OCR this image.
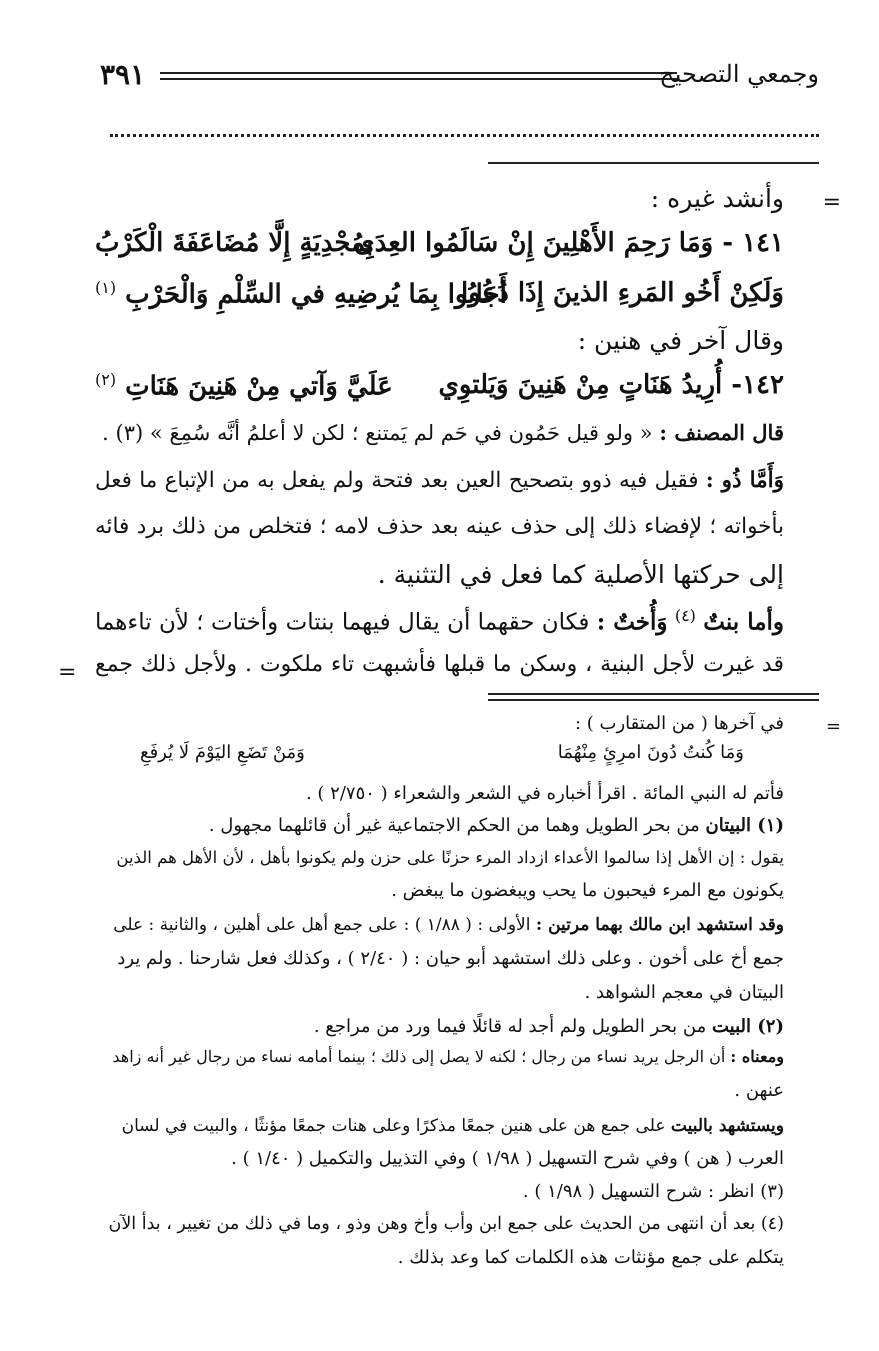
٣٩١	وجمعي التصحيح
=
وأنشد غيره :
١٤١ - وَمَا رَحِمَ الأَهْلِينَ إِنْ سَالَمُوا العِدَى
بِمُجْدِيَةٍ إِلَّا مُضَاعَفَةَ الْكَرْبُ
وَلَكِنْ أَخُو المَرءِ الذينَ إِذَا دُعُوا
أَجَابُوا بِمَا يُرضِيهِ في السِّلْمِ وَالْحَرْبِ $^{(١)}$
وقال آخر في هنين :
١٤٢- أُرِيدُ هَنَاتٍ مِنْ هَنِينَ وَيَلتوِي
عَلَيَّ وَآتي مِنْ هَنِينَ هَنَاتِ $^{(٢)}$
قال المصنف : « ولو قيل حَمُون في حَم لم يَمتنع ؛ لكن لا أعلمُ أنَّه سُمِعَ » (٣) .
وَأَمَّا ذُو : فقيل فيه ذوو بتصحيح العين بعد فتحة ولم يفعل به من الإتباع ما فعل
بأخواته ؛ لإفضاء ذلك إلى حذف عينه بعد حذف لامه ؛ فتخلص من ذلك برد فائه
إلى حركتها الأصلية كما فعل في التثنية .
وأما بنتٌ $^{(٤)}$ وَأُختٌ : فكان حقهما أن يقال فيهما بنتات وأختات ؛ لأن تاءهما
قد غيرت لأجل البنية ، وسكن ما قبلها فأشبهت تاء ملكوت . ولأجل ذلك جمع
=
=
في آخرها ( من المتقارب ) :
وَمَا كُنتُ دُونَ امرِئٍ مِنْهُمَا
وَمَنْ تَضَعِ اليَوْمَ لَا يُرفَعِ
فأتم له النبي المائة . اقرأ أخباره في الشعر والشعراء ( ٢/٧٥٠ ) .
(١) البيتان من بحر الطويل وهما من الحكم الاجتماعية غير أن قائلهما مجهول .
يقول : إن الأهل إذا سالموا الأعداء ازداد المرء حزنًا على حزن ولم يكونوا بأهل ، لأن الأهل هم الذين
يكونون مع المرء فيحبون ما يحب ويبغضون ما يبغض .
وقد استشهد ابن مالك بهما مرتين : الأولى : ( ١/٨٨ ) : على جمع أهل على أهلين ، والثانية : على
جمع أخ على أخون . وعلى ذلك استشهد أبو حيان : ( ٢/٤٠ ) ، وكذلك فعل شارحنا . ولم يرد
البيتان في معجم الشواهد .
(٢) البيت من بحر الطويل ولم أجد له قائلًا فيما ورد من مراجع .
ومعناه : أن الرجل يريد نساء من رجال ؛ لكنه لا يصل إلى ذلك ؛ بينما أمامه نساء من رجال غير أنه زاهد
عنهن .
ويستشهد بالبيت على جمع هن على هنين جمعًا مذكرًا وعلى هنات جمعًا مؤنثًا ، والبيت في لسان
العرب ( هن ) وفي شرح التسهيل ( ١/٩٨ ) وفي التذييل والتكميل ( ١/٤٠ ) .
(٣) انظر : شرح التسهيل ( ١/٩٨ ) .
(٤) بعد أن انتهى من الحديث على جمع ابن وأب وأخ وهن وذو ، وما في ذلك من تغيير ، بدأ الآن
يتكلم على جمع مؤنثات هذه الكلمات كما وعد بذلك .
